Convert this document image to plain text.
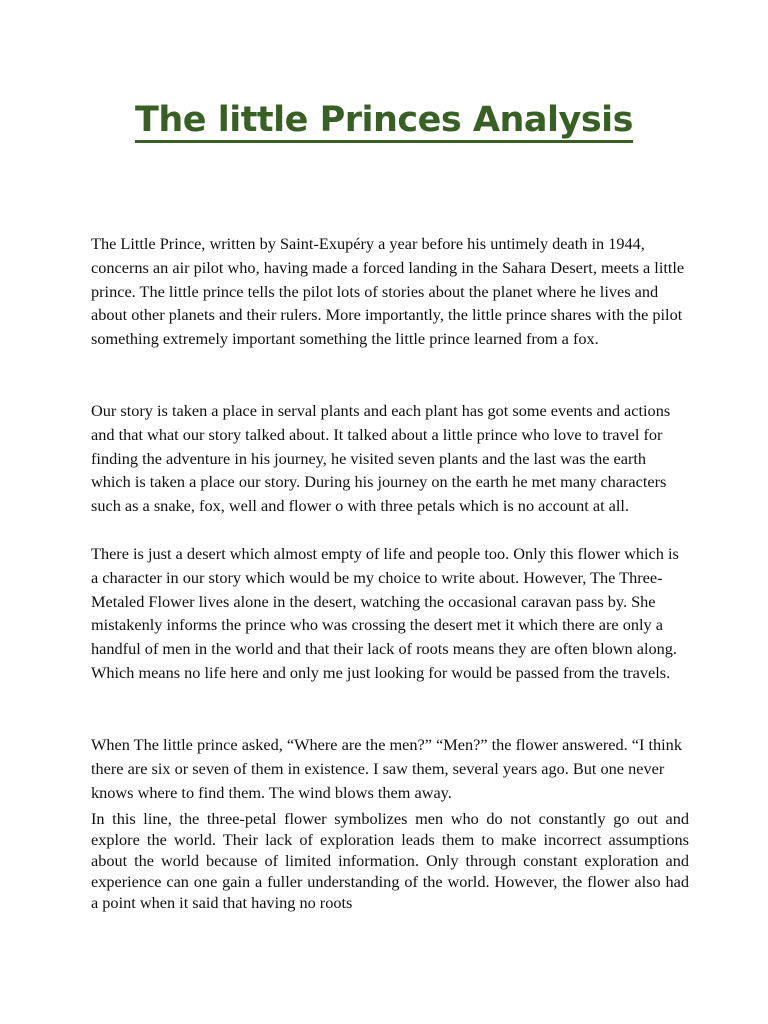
The little Princes Analysis

The Little Prince, written by Saint-Exupéry a year before his untimely death in 1944, concerns an air pilot who, having made a forced landing in the Sahara Desert, meets a little prince. The little prince tells the pilot lots of stories about the planet where he lives and about other planets and their rulers. More importantly, the little prince shares with the pilot something extremely important something the little prince learned from a fox.

Our story is taken a place in serval plants and each plant has got some events and actions and that what our story talked about. It talked about a little prince who love to travel for finding the adventure in his journey, he visited seven plants and the last was the earth which is taken a place our story. During his journey on the earth he met many characters such as a snake, fox, well and flower o with three petals which is no account at all.

There is just a desert which almost empty of life and people too. Only this flower which is a character in our story which would be my choice to write about. However, The Three-Metaled Flower lives alone in the desert, watching the occasional caravan pass by. She mistakenly informs the prince who was crossing the desert met it which there are only a handful of men in the world and that their lack of roots means they are often blown along. Which means no life here and only me just looking for would be passed from the travels.

When The little prince asked, “Where are the men?” “Men?” the flower answered. “I think there are six or seven of them in existence. I saw them, several years ago. But one never knows where to find them. The wind blows them away.

In this line, the three-petal flower symbolizes men who do not constantly go out and explore the world. Their lack of exploration leads them to make incorrect assumptions about the world because of limited information. Only through constant exploration and experience can one gain a fuller understanding of the world. However, the flower also had a point when it said that having no roots
